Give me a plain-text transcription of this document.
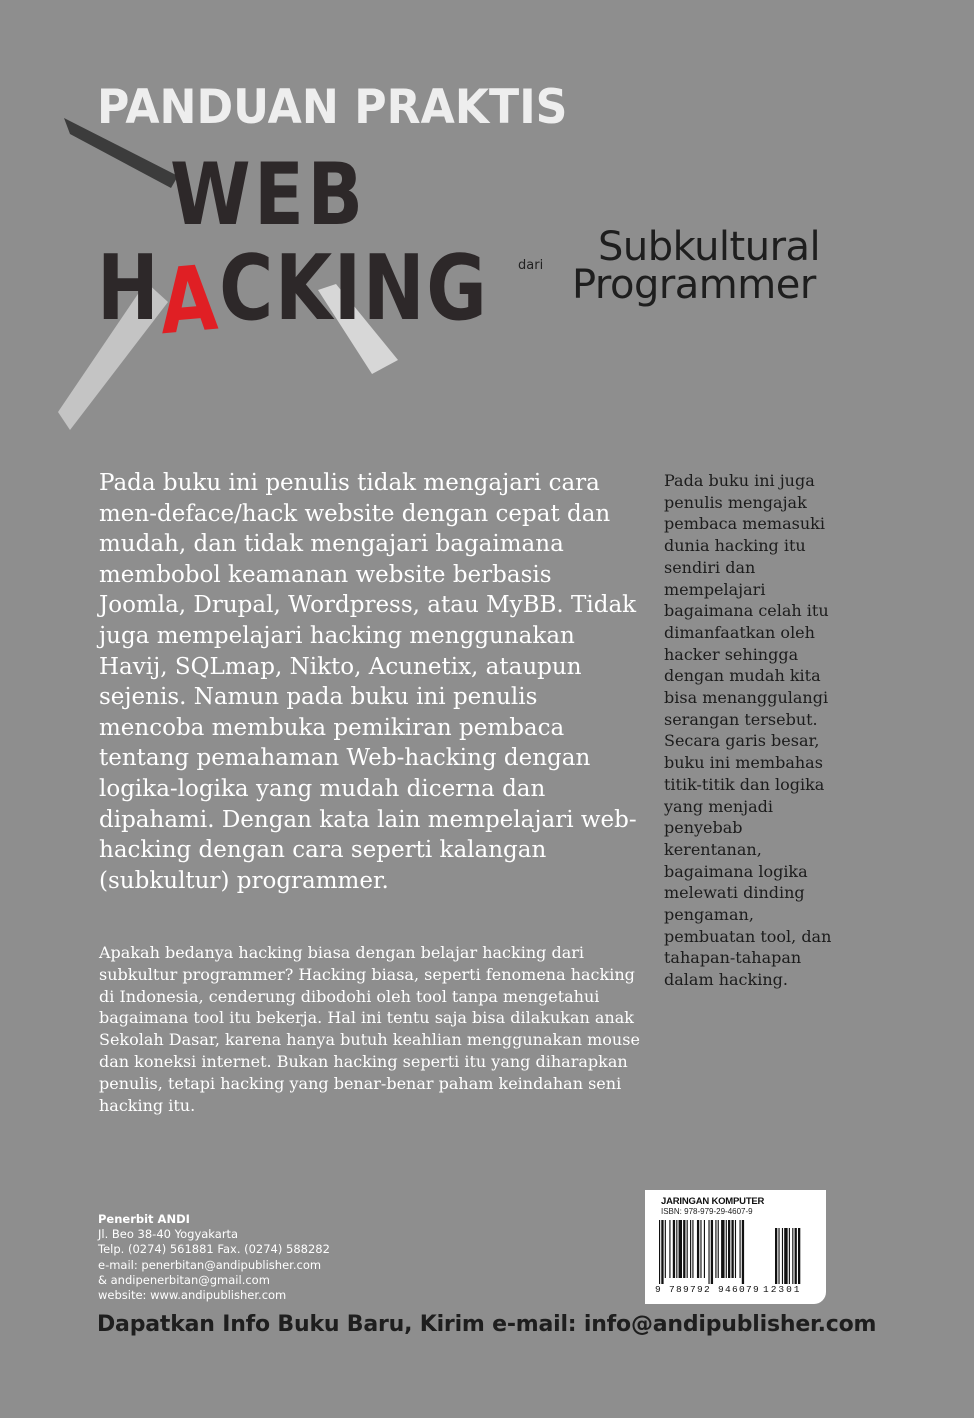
PANDUAN PRAKTIS
WEB
HACKING dari	Subkultural
Programmer

Pada buku ini penulis tidak mengajari cara men-deface/hack website dengan cepat dan mudah, dan tidak mengajari bagaimana membobol keamanan website berbasis Joomla, Drupal, Wordpress, atau MyBB. Tidak juga mempelajari hacking menggunakan Havij, SQLmap, Nikto, Acunetix, ataupun sejenis. Namun pada buku ini penulis mencoba membuka pemikiran pembaca tentang pemahaman Web-hacking dengan logika-logika yang mudah dicerna dan dipahami. Dengan kata lain mempelajari web-hacking dengan cara seperti kalangan (subkultur) programmer.

Apakah bedanya hacking biasa dengan belajar hacking dari subkultur programmer? Hacking biasa, seperti fenomena hacking di Indonesia, cenderung dibodohi oleh tool tanpa mengetahui bagaimana tool itu bekerja. Hal ini tentu saja bisa dilakukan anak Sekolah Dasar, karena hanya butuh keahlian menggunakan mouse dan koneksi internet. Bukan hacking seperti itu yang diharapkan penulis, tetapi hacking yang benar-benar paham keindahan seni hacking itu.

Pada buku ini juga penulis mengajak pembaca memasuki dunia hacking itu sendiri dan mempelajari bagaimana celah itu dimanfaatkan oleh hacker sehingga dengan mudah kita bisa menanggulangi serangan tersebut. Secara garis besar, buku ini membahas titik-titik dan logika yang menjadi penyebab kerentanan, bagaimana logika melewati dinding pengaman, pembuatan tool, dan tahapan-tahapan dalam hacking.

Penerbit ANDI
Jl. Beo 38-40 Yogyakarta
Telp. (0274) 561881 Fax. (0274) 588282
e-mail: penerbitan@andipublisher.com
& andipenerbitan@gmail.com
website: www.andipublisher.com
JARINGAN KOMPUTER
ISBN: 978-979-29-4607-9
9 789792 946079 12301

Dapatkan Info Buku Baru, Kirim e-mail: info@andipublisher.com
